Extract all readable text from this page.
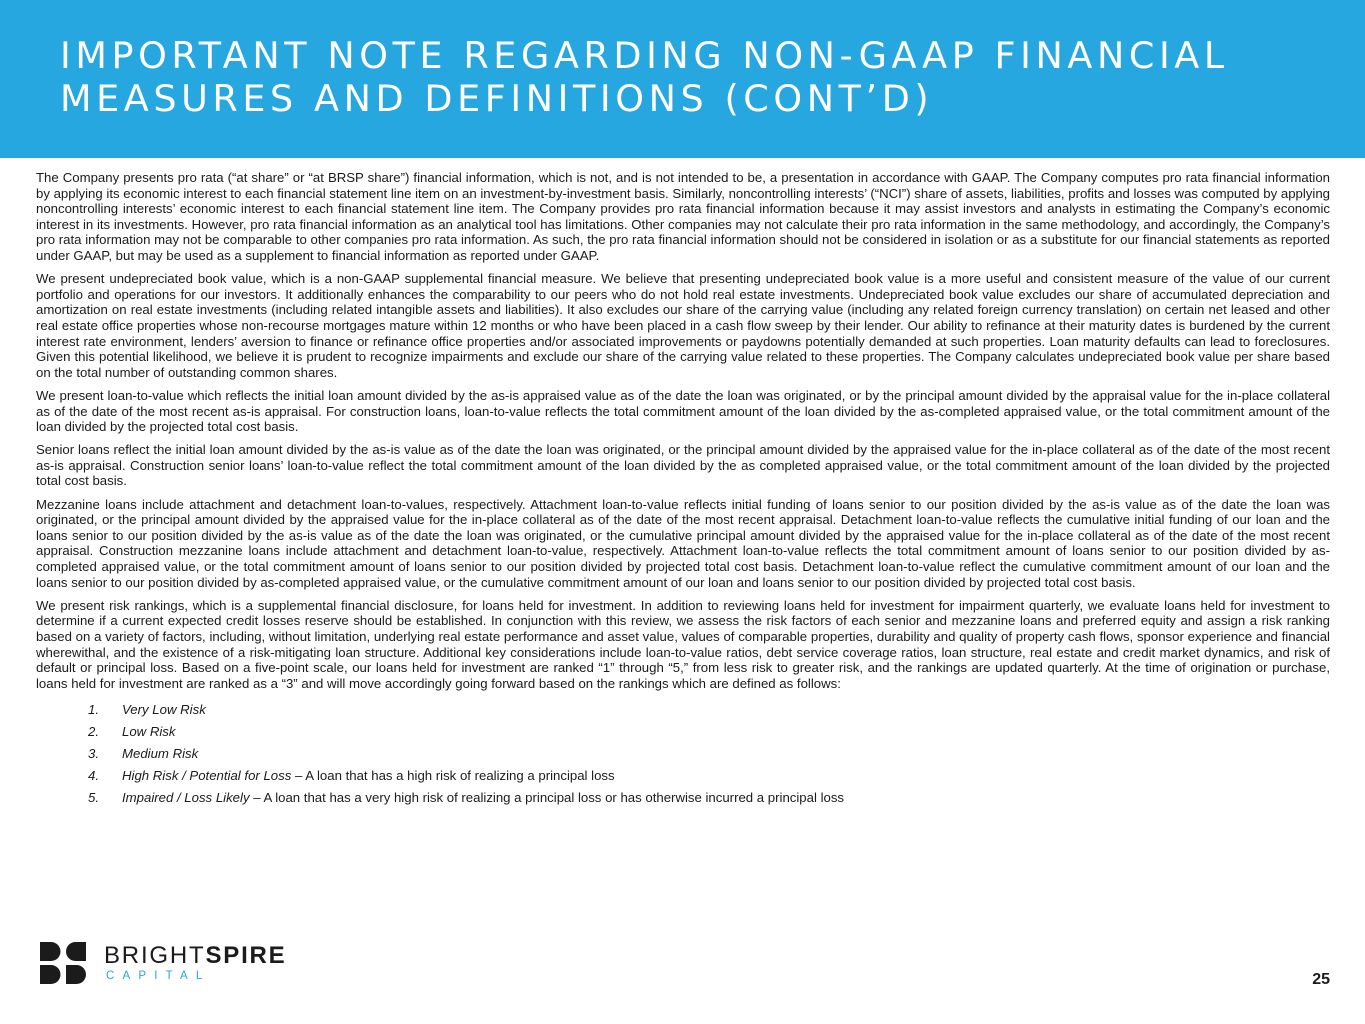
IMPORTANT NOTE REGARDING NON-GAAP FINANCIAL MEASURES AND DEFINITIONS (CONT’D)

The Company presents pro rata (“at share” or “at BRSP share”) financial information, which is not, and is not intended to be, a presentation in accordance with GAAP. The Company computes pro rata financial information by applying its economic interest to each financial statement line item on an investment-by-investment basis. Similarly, noncontrolling interests’ (“NCI”) share of assets, liabilities, profits and losses was computed by applying noncontrolling interests’ economic interest to each financial statement line item. The Company provides pro rata financial information because it may assist investors and analysts in estimating the Company’s economic interest in its investments. However, pro rata financial information as an analytical tool has limitations. Other companies may not calculate their pro rata information in the same methodology, and accordingly, the Company’s pro rata information may not be comparable to other companies pro rata information. As such, the pro rata financial information should not be considered in isolation or as a substitute for our financial statements as reported under GAAP, but may be used as a supplement to financial information as reported under GAAP.

We present undepreciated book value, which is a non-GAAP supplemental financial measure. We believe that presenting undepreciated book value is a more useful and consistent measure of the value of our current portfolio and operations for our investors. It additionally enhances the comparability to our peers who do not hold real estate investments. Undepreciated book value excludes our share of accumulated depreciation and amortization on real estate investments (including related intangible assets and liabilities). It also excludes our share of the carrying value (including any related foreign currency translation) on certain net leased and other real estate office properties whose non-recourse mortgages mature within 12 months or who have been placed in a cash flow sweep by their lender. Our ability to refinance at their maturity dates is burdened by the current interest rate environment, lenders’ aversion to finance or refinance office properties and/or associated improvements or paydowns potentially demanded at such properties. Loan maturity defaults can lead to foreclosures. Given this potential likelihood, we believe it is prudent to recognize impairments and exclude our share of the carrying value related to these properties. The Company calculates undepreciated book value per share based on the total number of outstanding common shares.

We present loan-to-value which reflects the initial loan amount divided by the as-is appraised value as of the date the loan was originated, or by the principal amount divided by the appraisal value for the in-place collateral as of the date of the most recent as-is appraisal. For construction loans, loan-to-value reflects the total commitment amount of the loan divided by the as-completed appraised value, or the total commitment amount of the loan divided by the projected total cost basis.

Senior loans reflect the initial loan amount divided by the as-is value as of the date the loan was originated, or the principal amount divided by the appraised value for the in-place collateral as of the date of the most recent as-is appraisal. Construction senior loans’ loan-to-value reflect the total commitment amount of the loan divided by the as completed appraised value, or the total commitment amount of the loan divided by the projected total cost basis.

Mezzanine loans include attachment and detachment loan-to-values, respectively. Attachment loan-to-value reflects initial funding of loans senior to our position divided by the as-is value as of the date the loan was originated, or the principal amount divided by the appraised value for the in-place collateral as of the date of the most recent appraisal. Detachment loan-to-value reflects the cumulative initial funding of our loan and the loans senior to our position divided by the as-is value as of the date the loan was originated, or the cumulative principal amount divided by the appraised value for the in-place collateral as of the date of the most recent appraisal. Construction mezzanine loans include attachment and detachment loan-to-value, respectively. Attachment loan-to-value reflects the total commitment amount of loans senior to our position divided by as-completed appraised value, or the total commitment amount of loans senior to our position divided by projected total cost basis. Detachment loan-to-value reflect the cumulative commitment amount of our loan and the loans senior to our position divided by as-completed appraised value, or the cumulative commitment amount of our loan and loans senior to our position divided by projected total cost basis.

We present risk rankings, which is a supplemental financial disclosure, for loans held for investment. In addition to reviewing loans held for investment for impairment quarterly, we evaluate loans held for investment to determine if a current expected credit losses reserve should be established. In conjunction with this review, we assess the risk factors of each senior and mezzanine loans and preferred equity and assign a risk ranking based on a variety of factors, including, without limitation, underlying real estate performance and asset value, values of comparable properties, durability and quality of property cash flows, sponsor experience and financial wherewithal, and the existence of a risk-mitigating loan structure. Additional key considerations include loan-to-value ratios, debt service coverage ratios, loan structure, real estate and credit market dynamics, and risk of default or principal loss. Based on a five-point scale, our loans held for investment are ranked “1” through “5,” from less risk to greater risk, and the rankings are updated quarterly. At the time of origination or purchase, loans held for investment are ranked as a “3” and will move accordingly going forward based on the rankings which are defined as follows:

1. Very Low Risk
2. Low Risk
3. Medium Risk
4. High Risk / Potential for Loss – A loan that has a high risk of realizing a principal loss
5. Impaired / Loss Likely – A loan that has a very high risk of realizing a principal loss or has otherwise incurred a principal loss
BRIGHTSPIRE
CAPITAL	25
